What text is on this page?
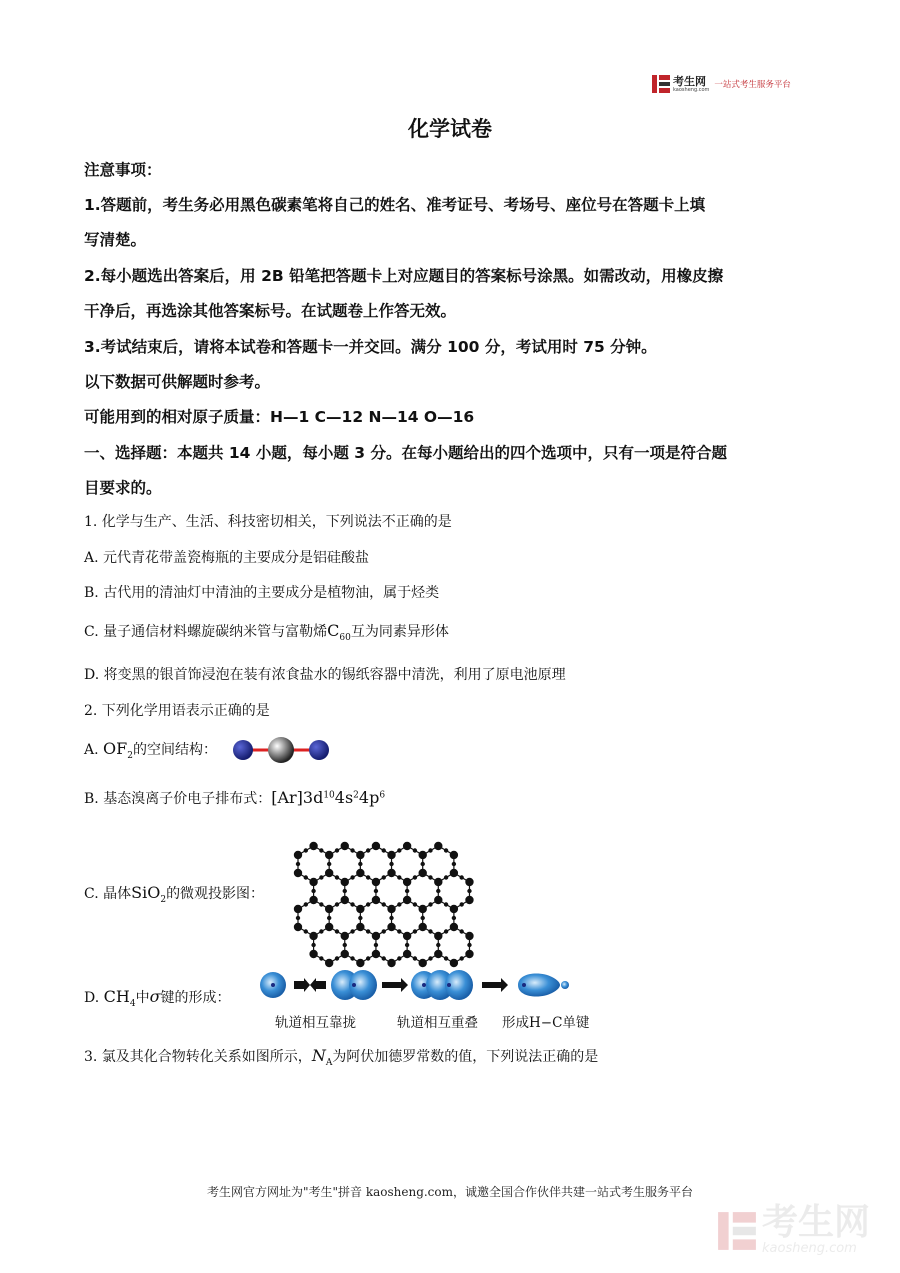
考生网
kaosheng.com 一站式考生服务平台
化学试卷
注意事项：
1.答题前，考生务必用黑色碳素笔将自己的姓名、准考证号、考场号、座位号在答题卡上填
写清楚。
2.每小题选出答案后，用 2B 铅笔把答题卡上对应题目的答案标号涂黑。如需改动，用橡皮擦
干净后，再选涂其他答案标号。在试题卷上作答无效。
3.考试结束后，请将本试卷和答题卡一并交回。满分 100 分，考试用时 75 分钟。
以下数据可供解题时参考。
可能用到的相对原子质量：H—1 C—12 N—14 O—16
一、选择题：本题共 14 小题，每小题 3 分。在每小题给出的四个选项中，只有一项是符合题
目要求的。
1. 化学与生产、生活、科技密切相关，下列说法不正确的是
A. 元代青花带盖瓷梅瓶的主要成分是铝硅酸盐
B. 古代用的清油灯中清油的主要成分是植物油，属于烃类
C. 量子通信材料螺旋碳纳米管与富勒烯$C_{60}$互为同素异形体
D. 将变黑的银首饰浸泡在装有浓食盐水的锡纸容器中清洗，利用了原电池原理
2. 下列化学用语表示正确的是
A. $OF_2$的空间结构：
B. 基态溴离子价电子排布式：$[Ar]3d^{10}4s^24p^6$
C. 晶体SiO$_2$的微观投影图：
D. $CH_4$中σ键的形成：
轨道相互靠拢	轨道相互重叠 形成H−C单键
3. 氯及其化合物转化关系如图所示，$N_A$为阿伏加德罗常数的值，下列说法正确的是
考生网官方网址为"考生"拼音 kaosheng.com，诚邀全国合作伙伴共建一站式考生服务平台
考生网
kaosheng.com
